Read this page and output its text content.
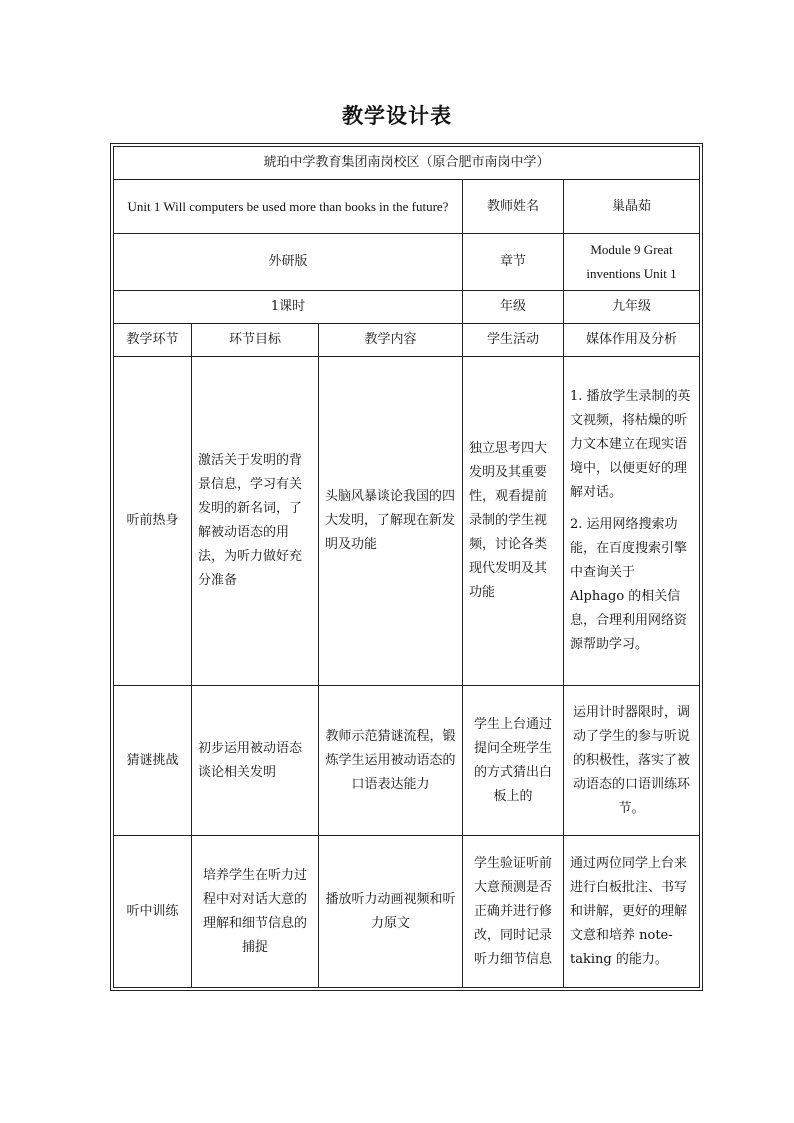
教学设计表
琥珀中学教育集团南岗校区（原合肥市南岗中学）				
Unit 1 Will computers be used more than books in the future?			教师姓名	巢晶茹
外研版			章节	Module 9 Great inventions Unit 1
1课时			年级	九年级
教学环节	环节目标	教学内容	学生活动	媒体作用及分析
听前热身	激活关于发明的背景信息，学习有关发明的新名词，了解被动语态的用法，为听力做好充分准备	头脑风暴谈论我国的四大发明，了解现在新发明及功能	独立思考四大发明及其重要性，观看提前录制的学生视频，讨论各类现代发明及其功能	1. 播放学生录制的英文视频，将枯燥的听力文本建立在现实语境中，以便更好的理解对话。

2. 运用网络搜索功能，在百度搜索引擎中查询关于 Alphago 的相关信息，合理利用网络资源帮助学习。

猜谜挑战	初步运用被动语态谈论相关发明	教师示范猜谜流程，锻炼学生运用被动语态的口语表达能力	学生上台通过提问全班学生的方式猜出白板上的	运用计时器限时，调动了学生的参与听说的积极性，落实了被动语态的口语训练环节。

听中训练	培养学生在听力过程中对对话大意的理解和细节信息的捕捉	播放听力动画视频和听力原文	学生验证听前大意预测是否正确并进行修改，同时记录听力细节信息	通过两位同学上台来进行白板批注、书写和讲解，更好的理解文意和培养 note-taking 的能力。
